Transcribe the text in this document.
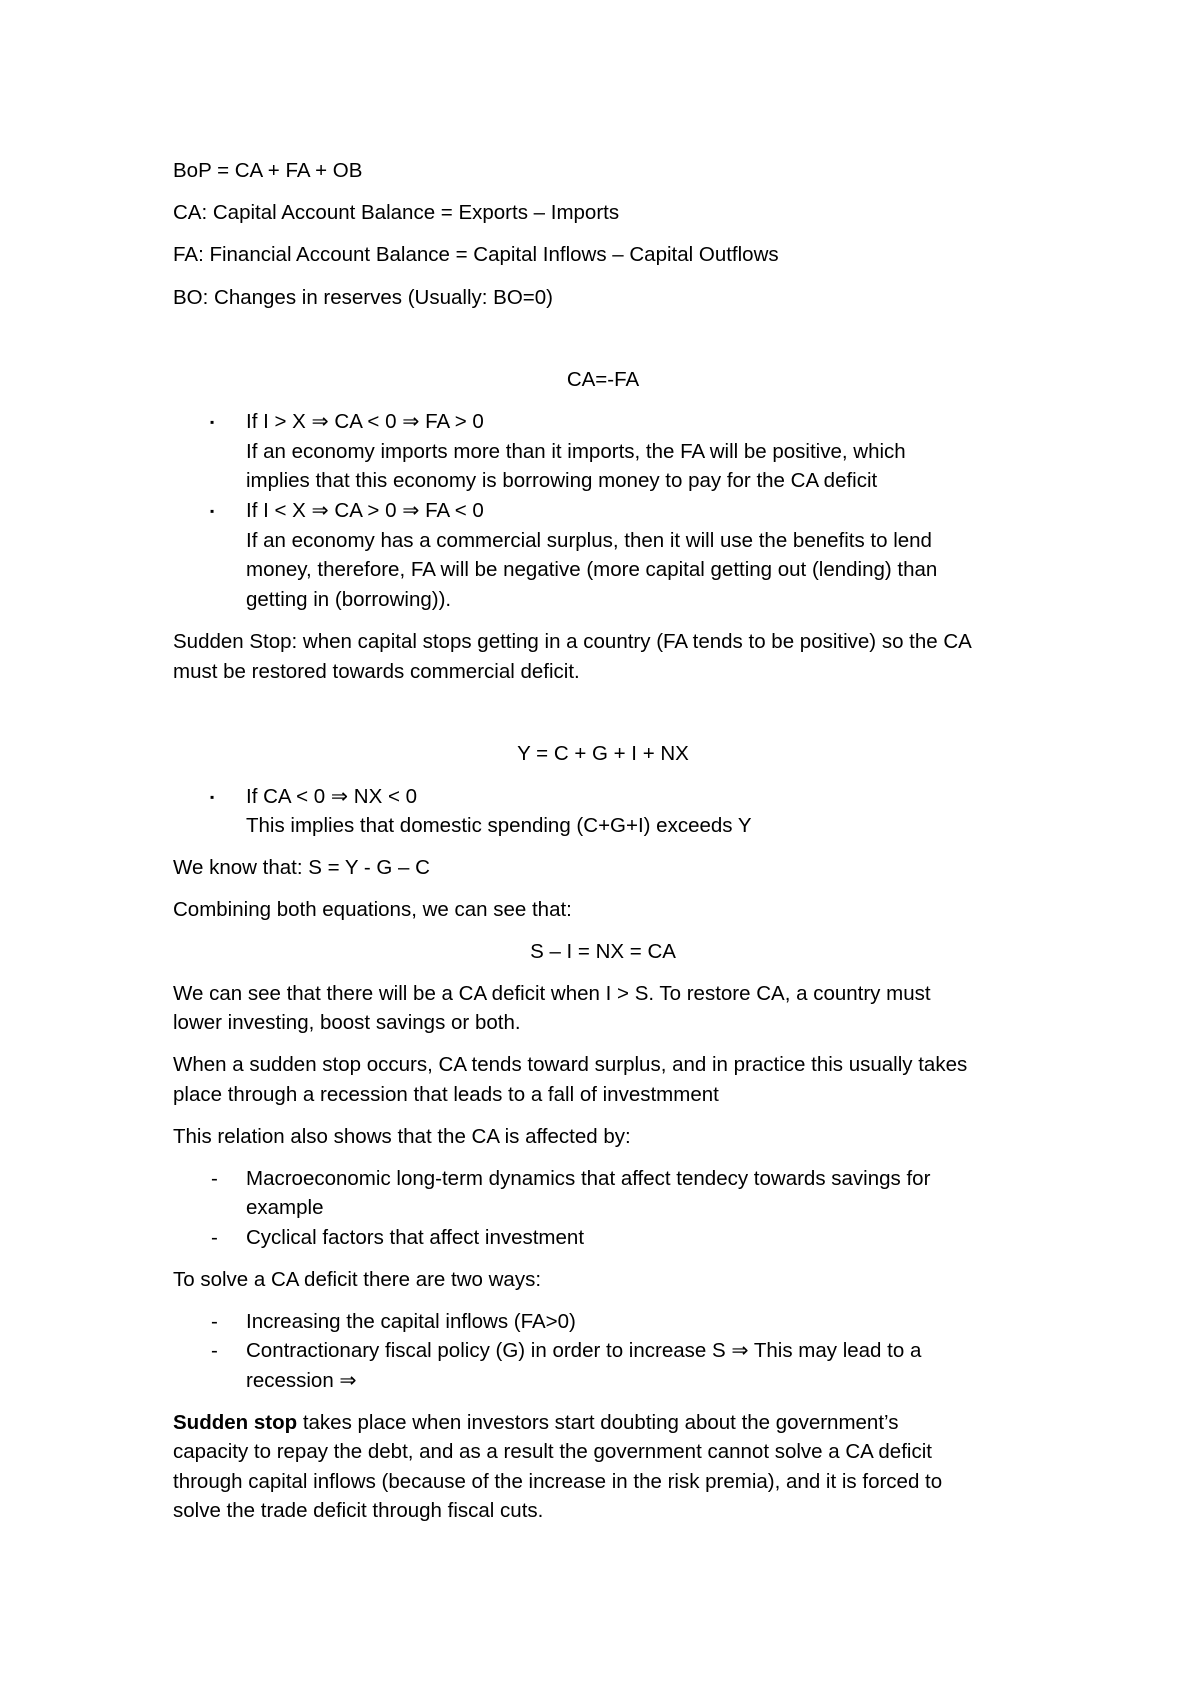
BoP = CA + FA + OB
CA: Capital Account Balance = Exports – Imports
FA: Financial Account Balance = Capital Inflows – Capital Outflows
BO: Changes in reserves (Usually: BO=0)
CA=-FA
▪ If I > X ⇒ CA < 0 ⇒ FA > 0
If an economy imports more than it imports, the FA will be positive, which
implies that this economy is borrowing money to pay for the CA deficit
▪ If I < X ⇒ CA > 0 ⇒ FA < 0
If an economy has a commercial surplus, then it will use the benefits to lend
money, therefore, FA will be negative (more capital getting out (lending) than
getting in (borrowing)).
Sudden Stop: when capital stops getting in a country (FA tends to be positive) so the CA
must be restored towards commercial deficit.
Y = C + G + I + NX
▪ If CA < 0 ⇒ NX < 0
This implies that domestic spending (C+G+I) exceeds Y
We know that: S = Y - G – C
Combining both equations, we can see that:
S – I = NX = CA
We can see that there will be a CA deficit when I > S. To restore CA, a country must
lower investing, boost savings or both.
When a sudden stop occurs, CA tends toward surplus, and in practice this usually takes
place through a recession that leads to a fall of investmment
This relation also shows that the CA is affected by:
- Macroeconomic long-term dynamics that affect tendecy towards savings for
example
- Cyclical factors that affect investment
To solve a CA deficit there are two ways:
- Increasing the capital inflows (FA>0)
- Contractionary fiscal policy (G) in order to increase S ⇒ This may lead to a
recession ⇒
Sudden stop takes place when investors start doubting about the government’s
capacity to repay the debt, and as a result the government cannot solve a CA deficit
through capital inflows (because of the increase in the risk premia), and it is forced to
solve the trade deficit through fiscal cuts.
